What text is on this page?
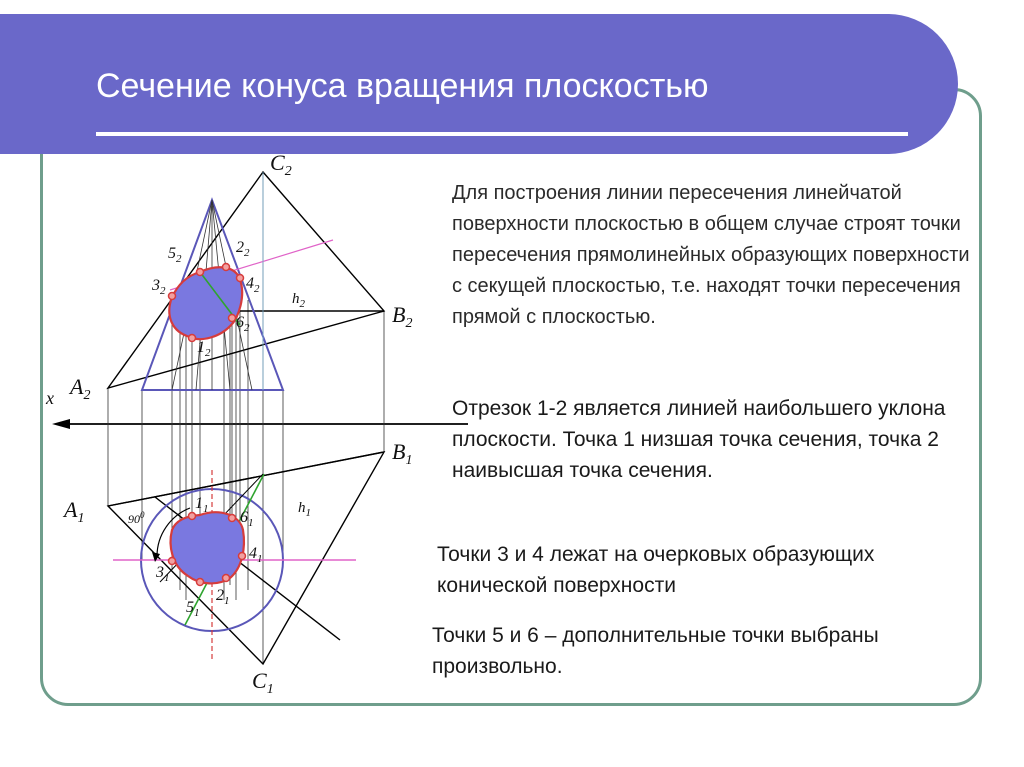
Сечение конуса вращения плоскостью
x
$C_2$
$B_2$
$A_2$
$h_2$
$B_1$
$A_1$
$C_1$
$h_1$
$5_2$
$2_2$
$3_2$	$4_2$
$6_2$
$1_2$
$1_1$ $6_1$
$4_1$
$3_1$
$2_1$
$5_1$
$90^0$
Для построения линии пересечения линейчатой поверхности плоскостью в общем случае строят точки пересечения прямолинейных образующих поверхности с секущей плоскостью, т.е. находят точки пересечения прямой с плоскостью.
Отрезок 1-2 является линией наибольшего уклона плоскости. Точка 1 низшая точка сечения, точка 2 наивысшая точка сечения.
Точки 3 и 4 лежат на очерковых образующих конической поверхности
Точки 5 и 6 – дополнительные точки выбраны произвольно.
